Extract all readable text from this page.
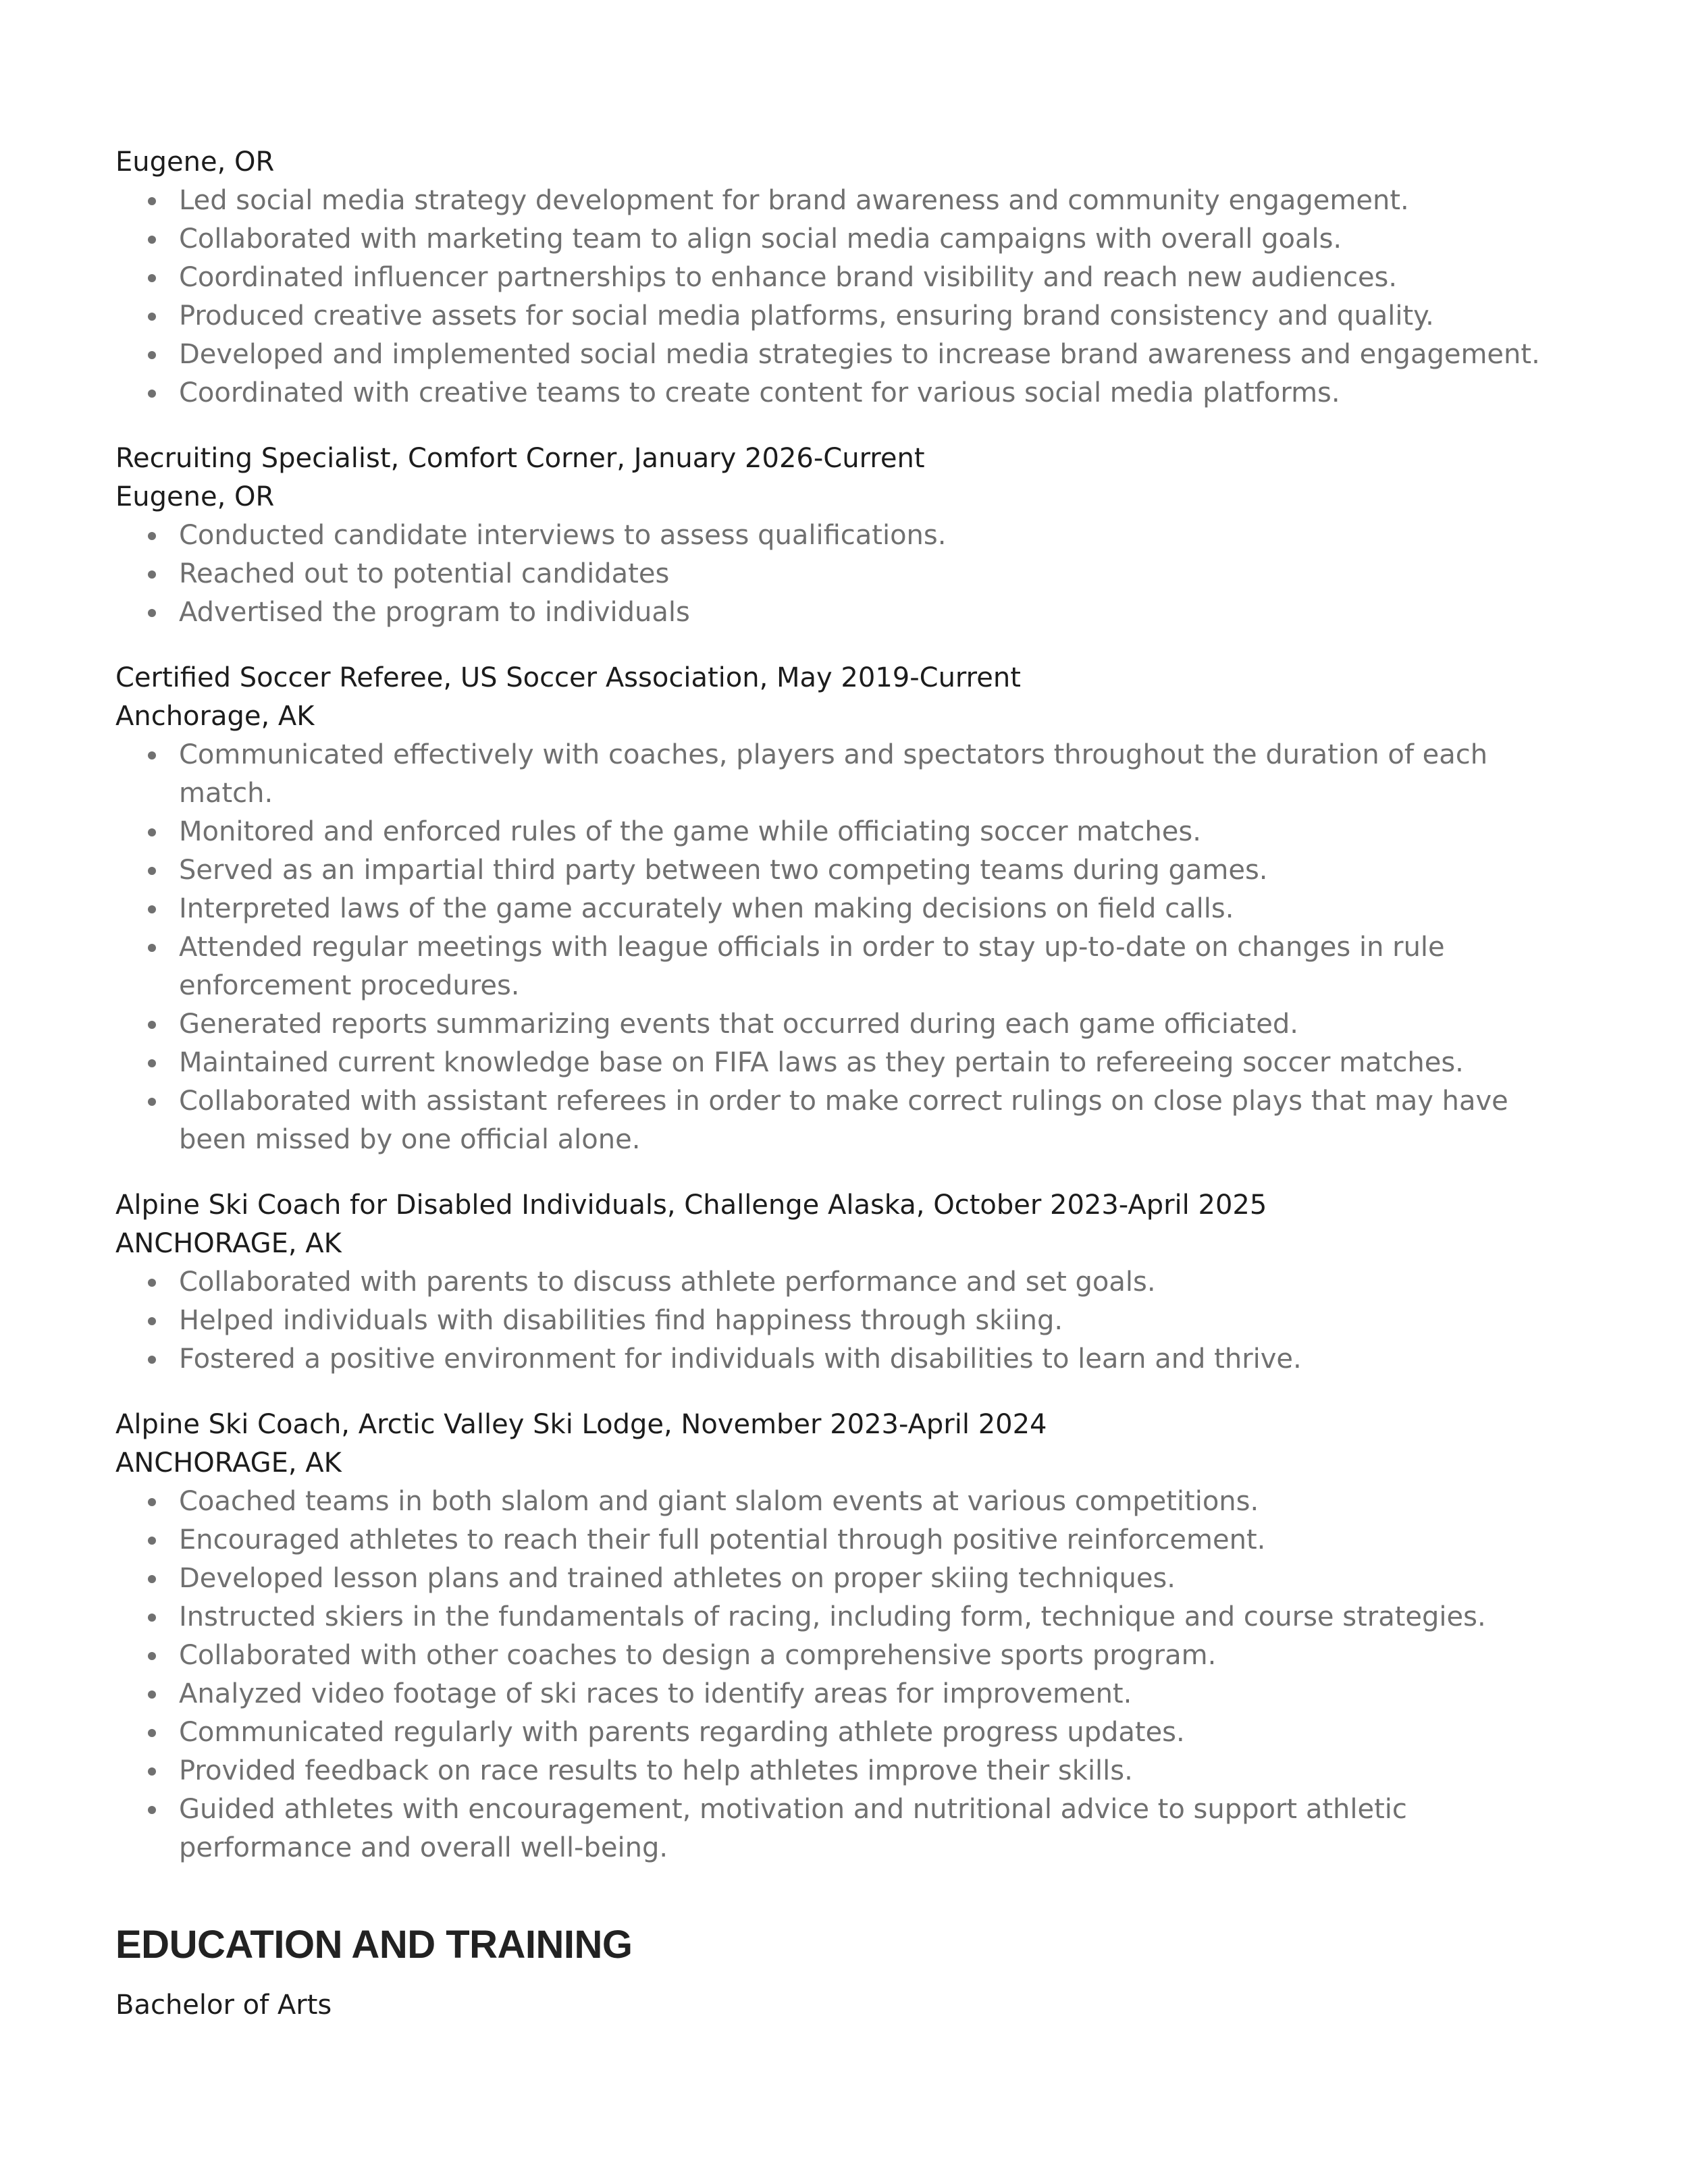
Eugene, OR
Led social media strategy development for brand awareness and community engagement.
Collaborated with marketing team to align social media campaigns with overall goals.
Coordinated influencer partnerships to enhance brand visibility and reach new audiences.
Produced creative assets for social media platforms, ensuring brand consistency and quality.
Developed and implemented social media strategies to increase brand awareness and engagement.
Coordinated with creative teams to create content for various social media platforms.
Recruiting Specialist, Comfort Corner, January 2026-Current
Eugene, OR
Conducted candidate interviews to assess qualifications.
Reached out to potential candidates
Advertised the program to individuals
Certified Soccer Referee, US Soccer Association, May 2019-Current
Anchorage, AK
Communicated effectively with coaches, players and spectators throughout the duration of each match.
Monitored and enforced rules of the game while officiating soccer matches.
Served as an impartial third party between two competing teams during games.
Interpreted laws of the game accurately when making decisions on field calls.
Attended regular meetings with league officials in order to stay up-to-date on changes in rule enforcement procedures.
Generated reports summarizing events that occurred during each game officiated.
Maintained current knowledge base on FIFA laws as they pertain to refereeing soccer matches.
Collaborated with assistant referees in order to make correct rulings on close plays that may have been missed by one official alone.
Alpine Ski Coach for Disabled Individuals, Challenge Alaska, October 2023-April 2025
ANCHORAGE, AK
Collaborated with parents to discuss athlete performance and set goals.
Helped individuals with disabilities find happiness through skiing.
Fostered a positive environment for individuals with disabilities to learn and thrive.
Alpine Ski Coach, Arctic Valley Ski Lodge, November 2023-April 2024
ANCHORAGE, AK
Coached teams in both slalom and giant slalom events at various competitions.
Encouraged athletes to reach their full potential through positive reinforcement.
Developed lesson plans and trained athletes on proper skiing techniques.
Instructed skiers in the fundamentals of racing, including form, technique and course strategies.
Collaborated with other coaches to design a comprehensive sports program.
Analyzed video footage of ski races to identify areas for improvement.
Communicated regularly with parents regarding athlete progress updates.
Provided feedback on race results to help athletes improve their skills.
Guided athletes with encouragement, motivation and nutritional advice to support athletic performance and overall well-being.
EDUCATION AND TRAINING
Bachelor of Arts
